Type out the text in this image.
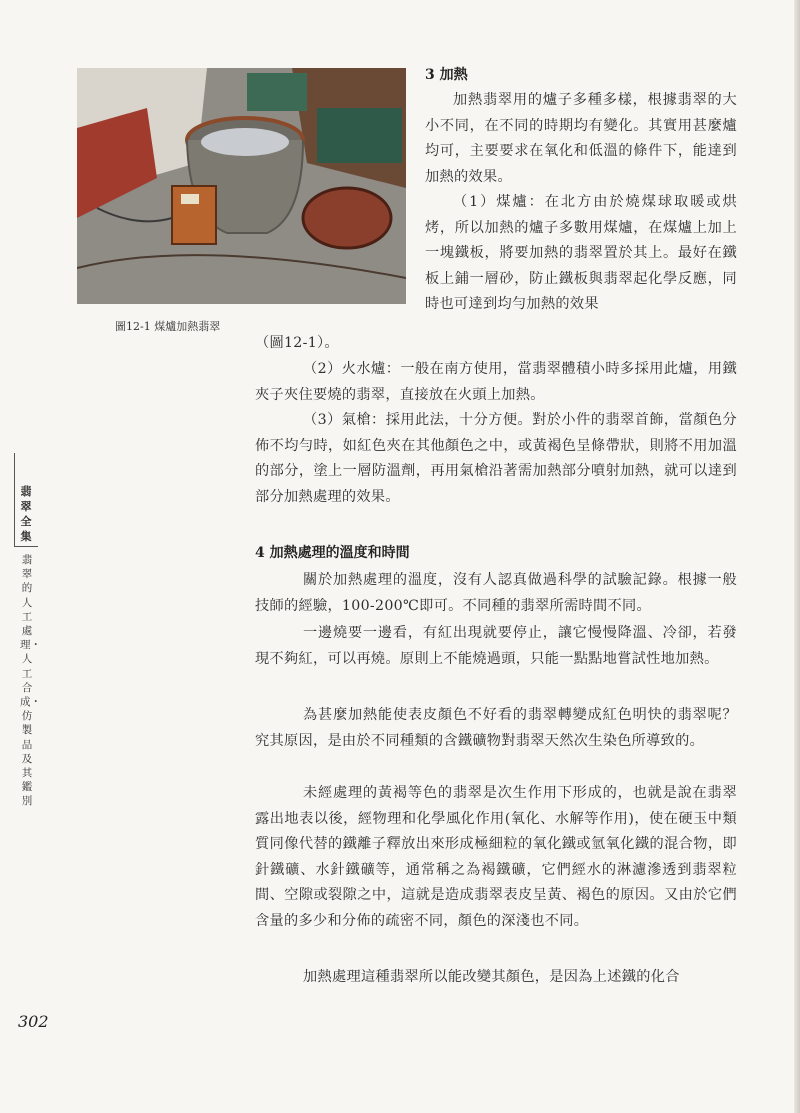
圖12-1 煤爐加熱翡翠
3 加熱

加熱翡翠用的爐子多種多樣，根據翡翠的大小不同，在不同的時期均有變化。其實用甚麼爐均可，主要要求在氧化和低溫的條件下，能達到加熱的效果。

（1）煤爐：在北方由於燒煤球取暖或烘烤，所以加熱的爐子多數用煤爐，在煤爐上加上一塊鐵板，將要加熱的翡翠置於其上。最好在鐵板上鋪一層砂，防止鐵板與翡翠起化學反應，同時也可達到均勻加熱的效果

（圖12-1）。

（2）火水爐：一般在南方使用，當翡翠體積小時多採用此爐，用鐵夾子夾住要燒的翡翠，直接放在火頭上加熱。

（3）氣槍：採用此法，十分方便。對於小件的翡翠首飾，當顏色分佈不均勻時，如紅色夾在其他顏色之中，或黃褐色呈條帶狀，則將不用加溫的部分，塗上一層防溫劑，再用氣槍沿著需加熱部分噴射加熱，就可以達到部分加熱處理的效果。

4 加熱處理的溫度和時間

關於加熱處理的溫度，沒有人認真做過科學的試驗記錄。根據一般技師的經驗，100-200℃即可。不同種的翡翠所需時間不同。

一邊燒要一邊看，有紅出現就要停止，讓它慢慢降溫、冷卻，若發現不夠紅，可以再燒。原則上不能燒過頭，只能一點點地嘗試性地加熱。

為甚麼加熱能使表皮顏色不好看的翡翠轉變成紅色明快的翡翠呢？究其原因，是由於不同種類的含鐵礦物對翡翠天然次生染色所導致的。

未經處理的黃褐等色的翡翠是次生作用下形成的，也就是說在翡翠露出地表以後，經物理和化學風化作用(氧化、水解等作用)，使在硬玉中類質同像代替的鐵離子釋放出來形成極細粒的氧化鐵或氫氧化鐵的混合物，即針鐵礦、水針鐵礦等，通常稱之為褐鐵礦，它們經水的淋濾滲透到翡翠粒間、空隙或裂隙之中，這就是造成翡翠表皮呈黃、褐色的原因。又由於它們含量的多少和分佈的疏密不同，顏色的深淺也不同。

加熱處理這種翡翠所以能改變其顏色，是因為上述鐵的化合

翡翠全集
翡翠的人工處理・人工合成・仿製品及其鑑別
302
